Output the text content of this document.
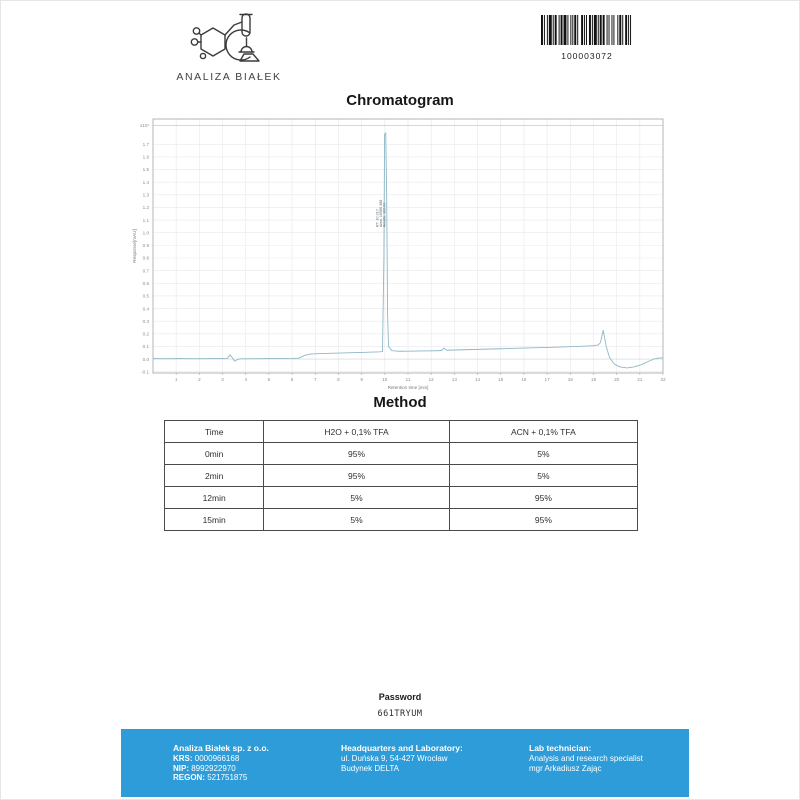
ANALIZA BIAŁEK
100003072
Chromatogram
x10¹
-0.1
0.0
0.1
0.2
0.3
0.4
0.5
0.6
0.7
0.8
0.9
1.0
1.1
1.2
1.3
1.4
1.5
1.6
1.7
1	2	3	4	5	6	7	8	9	10	11	12	13	14	15	16	17	18	19	20	21	22
Retention time [min]
Response[mAU]
RT: 10.017 Area: 16986.388 Area%: 100.00
Method
Time	H2O + 0,1% TFA	ACN + 0,1% TFA
0min	95%	5%
2min	95%	5%
12min	5%	95%
15min	5%	95%
Password
661TRYUM
Analiza Białek sp. z o.o.
KRS: 0000966168
NIP: 8992922970
REGON: 521751875
Headquarters and Laboratory:
ul. Duńska 9, 54-427 Wrocław
Budynek DELTA
Lab technician:
Analysis and research specialist
mgr Arkadiusz Zając
